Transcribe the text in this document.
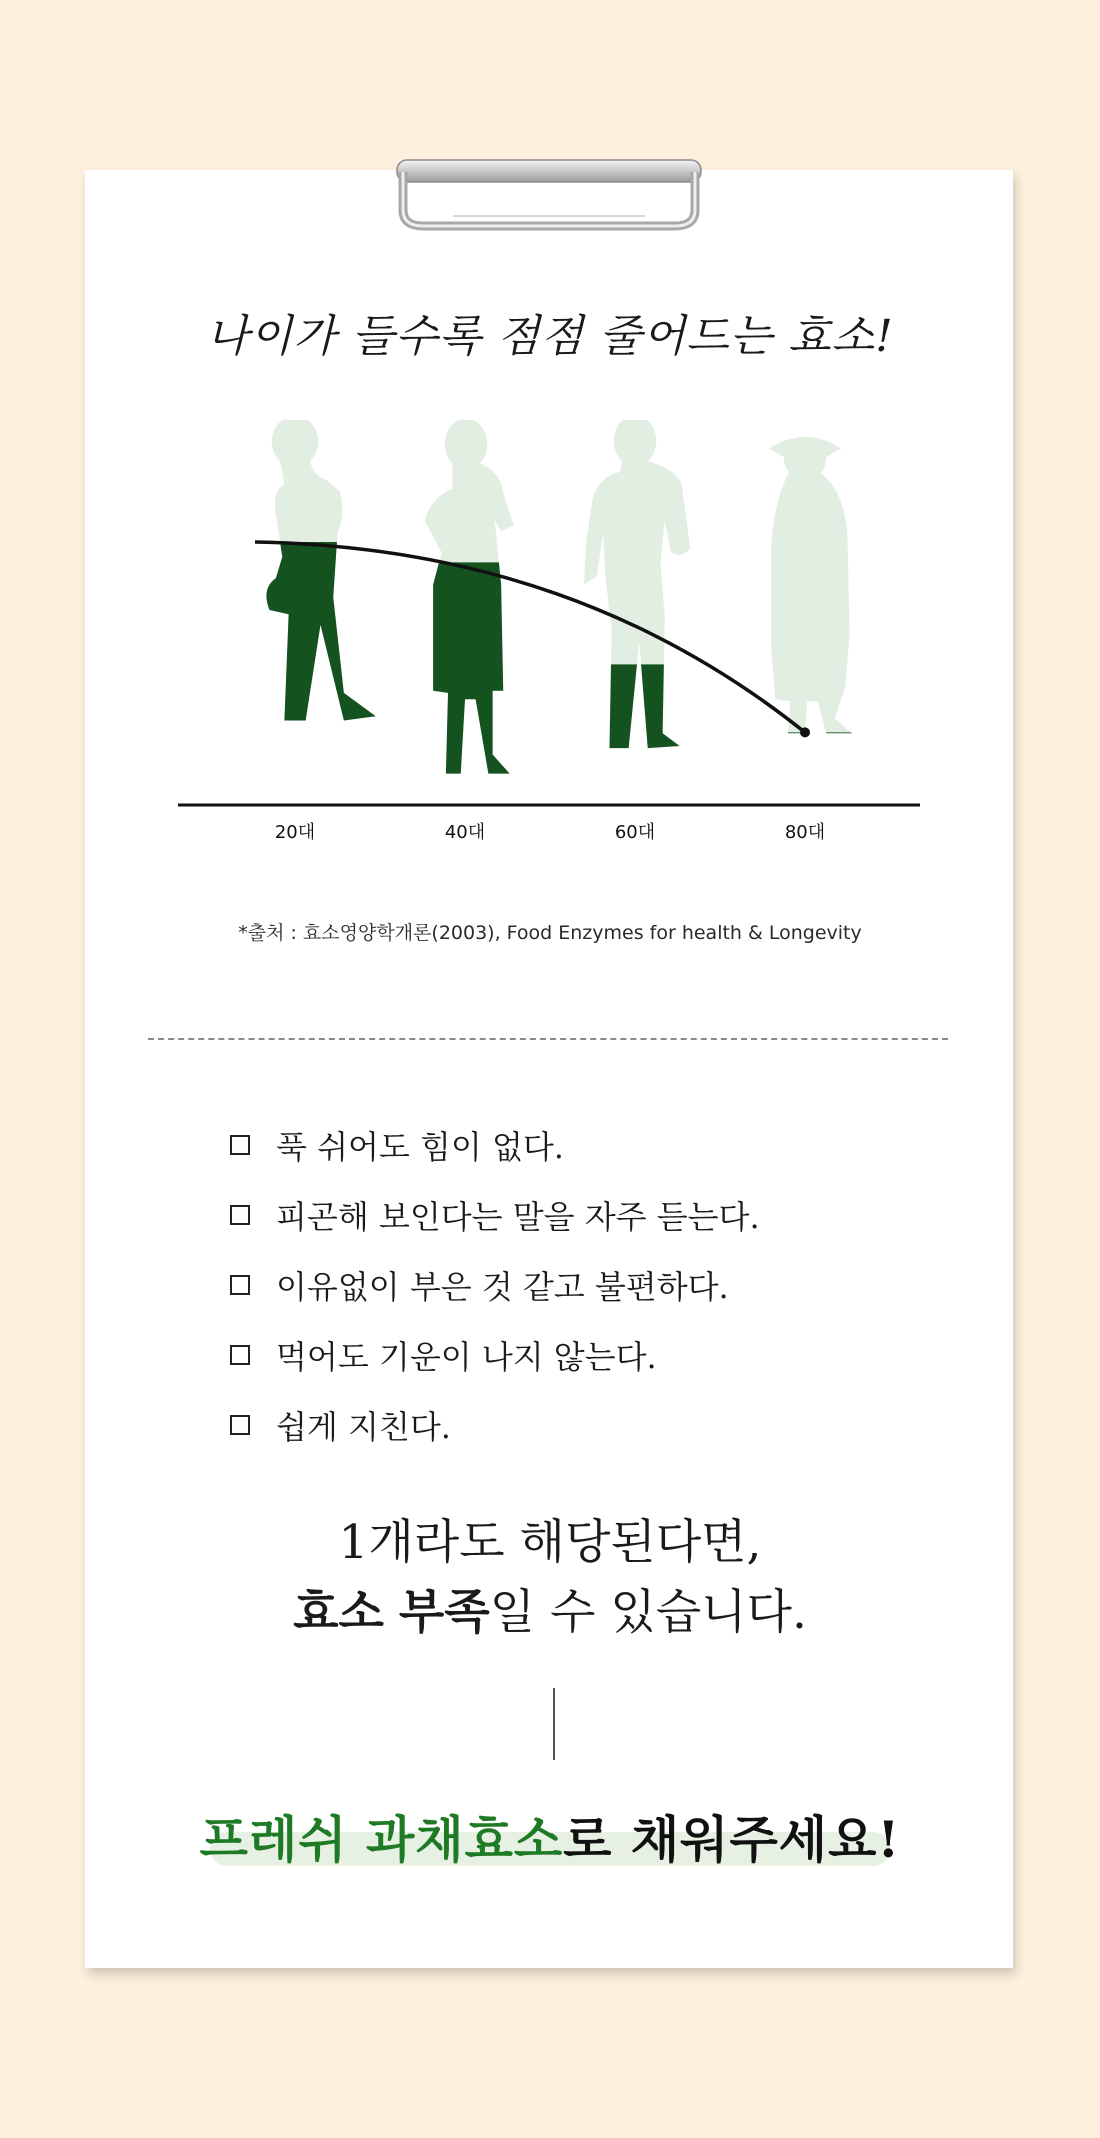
나이가 들수록 점점 줄어드는 효소!
20대	40대	60대	80대
*출처 : 효소영양학개론(2003), Food Enzymes for health & Longevity
푹 쉬어도 힘이 없다.
피곤해 보인다는 말을 자주 듣는다.
이유없이 부은 것 같고 불편하다.
먹어도 기운이 나지 않는다.
쉽게 지친다.
1개라도 해당된다면,
효소 부족일 수 있습니다.
프레쉬 과채효소로 채워주세요!
